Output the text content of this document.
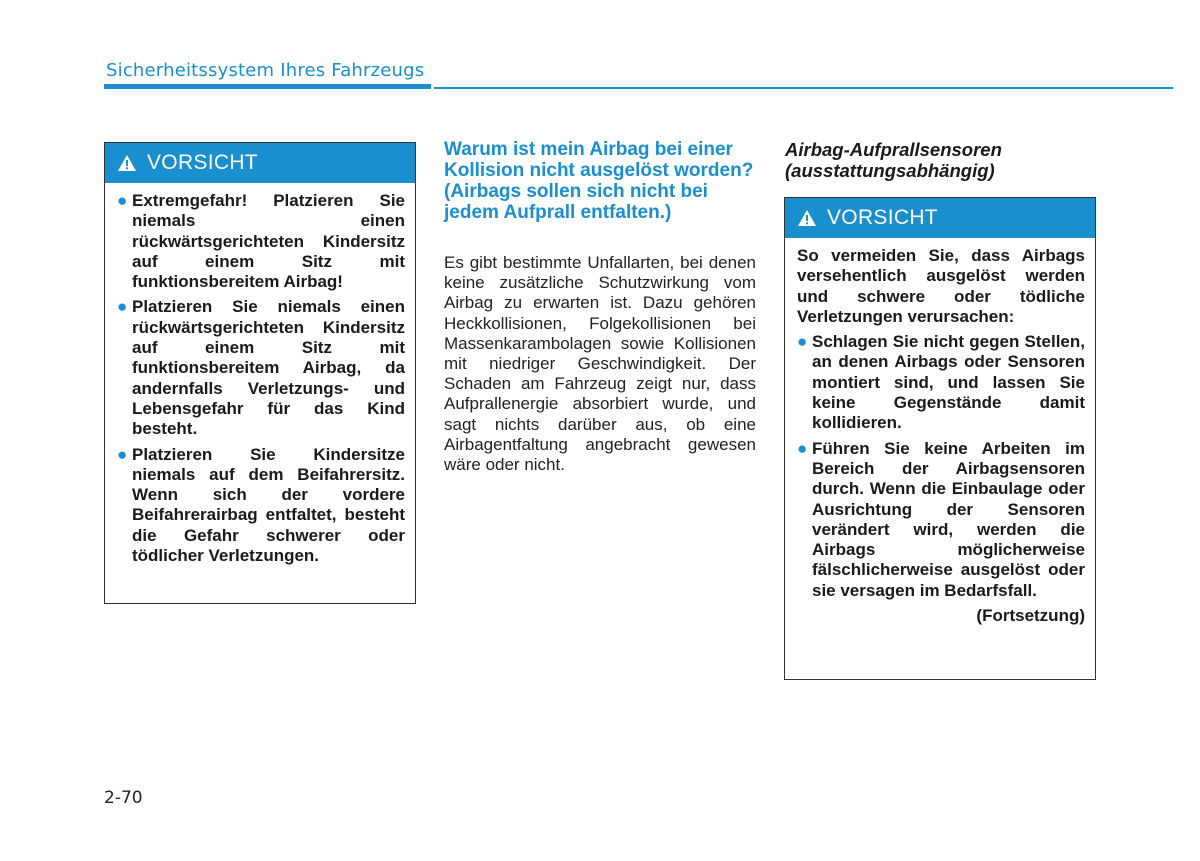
Sicherheitssystem Ihres Fahrzeugs
VORSICHT
● Extremgefahr! Platzieren Sie niemals einen rückwärtsgerichteten Kindersitz auf einem Sitz mit funktionsbereitem Airbag!
● Platzieren Sie niemals einen rückwärtsgerichteten Kindersitz auf einem Sitz mit funktionsbereitem Airbag, da andernfalls Verletzungs- und Lebensgefahr für das Kind besteht.
● Platzieren Sie Kindersitze niemals auf dem Beifahrersitz. Wenn sich der vordere Beifahrerairbag entfaltet, besteht die Gefahr schwerer oder tödlicher Verletzungen.
Warum ist mein Airbag bei einer Kollision nicht ausgelöst worden? (Airbags sollen sich nicht bei jedem Aufprall entfalten.)
Es gibt bestimmte Unfallarten, bei denen keine zusätzliche Schutzwirkung vom Airbag zu erwarten ist. Dazu gehören Heckkollisionen, Folgekollisionen bei Massenkarambolagen sowie Kollisionen mit niedriger Geschwindigkeit. Der Schaden am Fahrzeug zeigt nur, dass Aufprallenergie absorbiert wurde, und sagt nichts darüber aus, ob eine Airbagentfaltung angebracht gewesen wäre oder nicht.
Airbag-Aufprallsensoren (ausstattungsabhängig)
VORSICHT
So vermeiden Sie, dass Airbags versehentlich ausgelöst werden und schwere oder tödliche Verletzungen verursachen:
● Schlagen Sie nicht gegen Stellen, an denen Airbags oder Sensoren montiert sind, und lassen Sie keine Gegenstände damit kollidieren.
● Führen Sie keine Arbeiten im Bereich der Airbagsensoren durch. Wenn die Einbaulage oder Ausrichtung der Sensoren verändert wird, werden die Airbags möglicherweise fälschlicherweise ausgelöst oder sie versagen im Bedarfsfall.
(Fortsetzung)
2-70
